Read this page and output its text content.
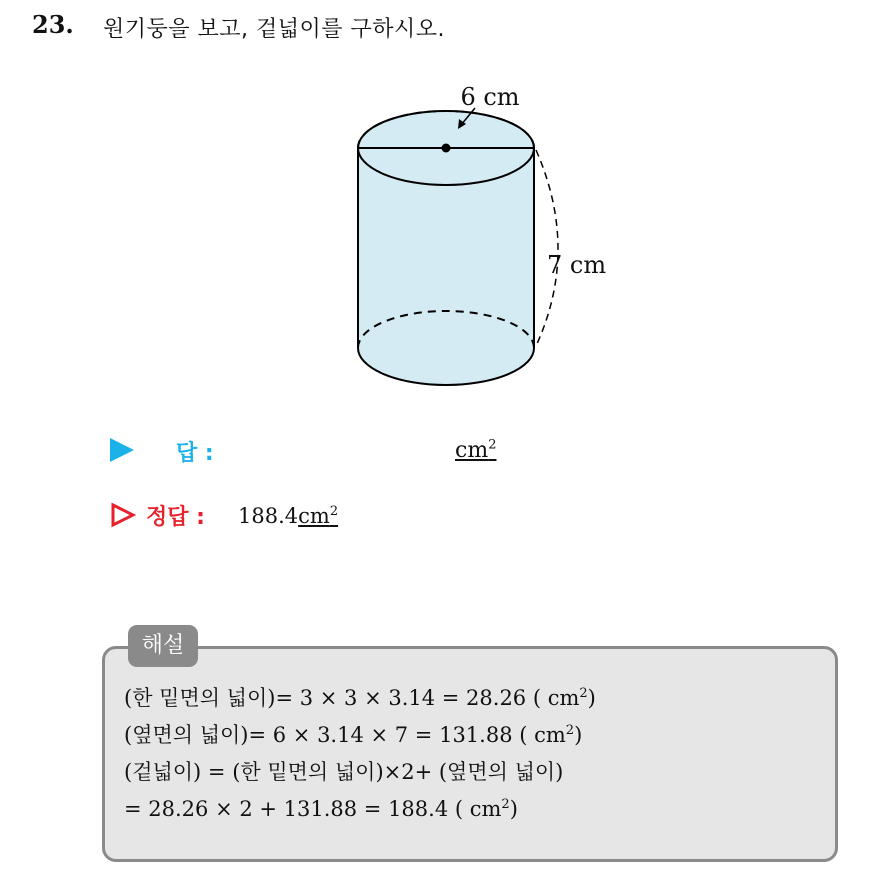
23. 원기둥을 보고, 겉넓이를 구하시오.
6 cm
7 cm
답 :	$cm^2$
정답 : $188.4cm^2$
해설
(한 밑면의 넓이)= 3 × 3 × 3.14 = 28.26 ( $cm^2$)
(옆면의 넓이)= 6 × 3.14 × 7 = 131.88 ( $cm^2$)
(겉넓이) = (한 밑면의 넓이)×2+ (옆면의 넓이)
= 28.26 × 2 + 131.88 = 188.4 ( $cm^2$)
